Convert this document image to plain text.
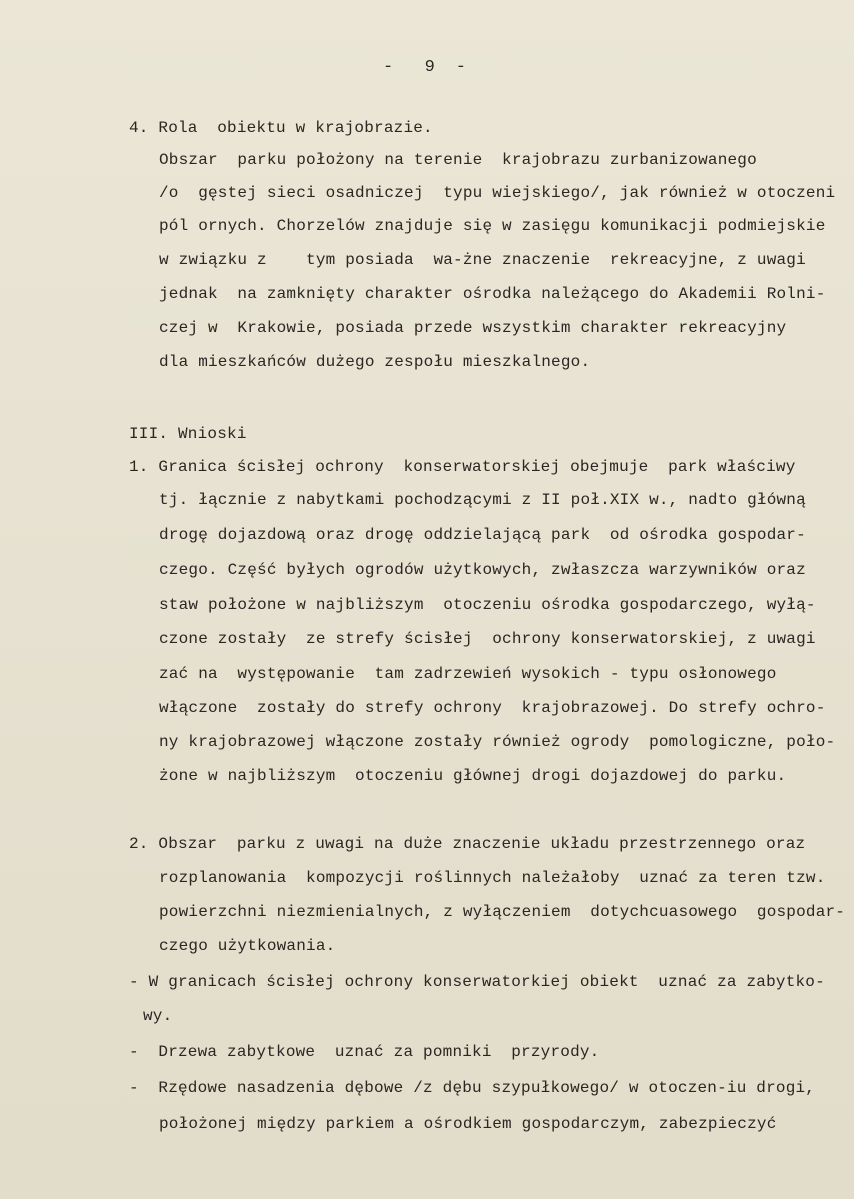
-   9  -
4. Rola  obiektu w krajobrazie.
Obszar  parku położony na terenie  krajobrazu zurbanizowanego
/o  gęstej sieci osadniczej  typu wiejskiego/, jak również w otoczeni
pól ornych. Chorzelów znajduje się w zasięgu komunikacji podmiejskie
w związku z    tym posiada  wa-żne znaczenie  rekreacyjne, z uwagi
jednak  na zamknięty charakter ośrodka należącego do Akademii Rolni-
czej w  Krakowie, posiada przede wszystkim charakter rekreacyjny
dla mieszkańców dużego zespołu mieszkalnego.
III. Wnioski
1. Granica ścisłej ochrony  konserwatorskiej obejmuje  park właściwy
tj. łącznie z nabytkami pochodzącymi z II poł.XIX w., nadto główną
drogę dojazdową oraz drogę oddzielającą park  od ośrodka gospodar-
czego. Część byłych ogrodów użytkowych, zwłaszcza warzywników oraz
staw położone w najbliższym  otoczeniu ośrodka gospodarczego, wyłą-
czone zostały  ze strefy ścisłej  ochrony konserwatorskiej, z uwagi
zać na  występowanie  tam zadrzewień wysokich - typu osłonowego
włączone  zostały do strefy ochrony  krajobrazowej. Do strefy ochro-
ny krajobrazowej włączone zostały również ogrody  pomologiczne, poło-
żone w najbliższym  otoczeniu głównej drogi dojazdowej do parku.
2. Obszar  parku z uwagi na duże znaczenie układu przestrzennego oraz
rozplanowania  kompozycji roślinnych należałoby  uznać za teren tzw.
powierzchni niezmienialnych, z wyłączeniem  dotychcuasowego  gospodar-
czego użytkowania.
- W granicach ścisłej ochrony konserwatorkiej obiekt  uznać za zabytko-
wy.
-  Drzewa zabytkowe  uznać za pomniki  przyrody.
-  Rzędowe nasadzenia dębowe /z dębu szypułkowego/ w otoczen-iu drogi,
położonej między parkiem a ośrodkiem gospodarczym, zabezpieczyć
